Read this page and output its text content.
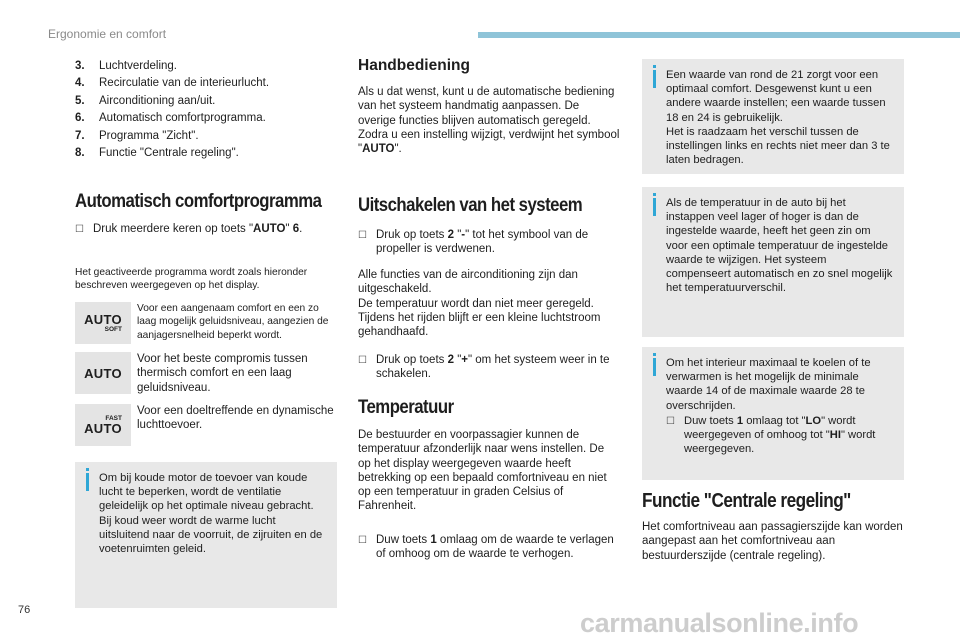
Ergonomie en comfort
3.	Luchtverdeling.
4.	Recirculatie van de interieurlucht.
5.	Airconditioning aan/uit.
6.	Automatisch comfortprogramma.
7.	Programma "Zicht".
8.	Functie "Centrale regeling".
Automatisch comfortprogramma
☐ Druk meerdere keren op toets "AUTO" 6.
Het geactiveerde programma wordt zoals hieronder beschreven weergegeven op het display.
AUTO
SOFT
Voor een aangenaam comfort en een zo laag mogelijk geluidsniveau, aangezien de aanjagersnelheid beperkt wordt.
AUTO
Voor het beste compromis tussen thermisch comfort en een laag geluidsniveau.
FAST
AUTO
Voor een doeltreffende en dynamische luchttoevoer.
Om bij koude motor de toevoer van koude lucht te beperken, wordt de ventilatie geleidelijk op het optimale niveau gebracht.
Bij koud weer wordt de warme lucht uitsluitend naar de voorruit, de zijruiten en de voetenruimten geleid.
Handbediening
Als u dat wenst, kunt u de automatische bediening van het systeem handmatig aanpassen. De overige functies blijven automatisch geregeld.
Zodra u een instelling wijzigt, verdwijnt het symbool "AUTO".
Uitschakelen van het systeem
☐ Druk op toets 2 "-" tot het symbool van de propeller is verdwenen.
Alle functies van de airconditioning zijn dan uitgeschakeld.
De temperatuur wordt dan niet meer geregeld. Tijdens het rijden blijft er een kleine luchtstroom gehandhaafd.
☐ Druk op toets 2 "+" om het systeem weer in te schakelen.
Temperatuur
De bestuurder en voorpassagier kunnen de temperatuur afzonderlijk naar wens instellen. De op het display weergegeven waarde heeft betrekking op een bepaald comfortniveau en niet op een temperatuur in graden Celsius of Fahrenheit.
☐ Duw toets 1 omlaag om de waarde te verlagen of omhoog om de waarde te verhogen.
Een waarde van rond de 21 zorgt voor een optimaal comfort. Desgewenst kunt u een andere waarde instellen; een waarde tussen 18 en 24 is gebruikelijk.
Het is raadzaam het verschil tussen de instellingen links en rechts niet meer dan 3 te laten bedragen.
Als de temperatuur in de auto bij het instappen veel lager of hoger is dan de ingestelde waarde, heeft het geen zin om voor een optimale temperatuur de ingestelde waarde te wijzigen. Het systeem compenseert automatisch en zo snel mogelijk het temperatuurverschil.
Om het interieur maximaal te koelen of te verwarmen is het mogelijk de minimale waarde 14 of de maximale waarde 28 te overschrijden.
☐ Duw toets 1 omlaag tot "LO" wordt weergegeven of omhoog tot "HI" wordt weergegeven.
Functie "Centrale regeling"
Het comfortniveau aan passagierszijde kan worden aangepast aan het comfortniveau aan bestuurderszijde (centrale regeling).
76	carmanualsonline.info
